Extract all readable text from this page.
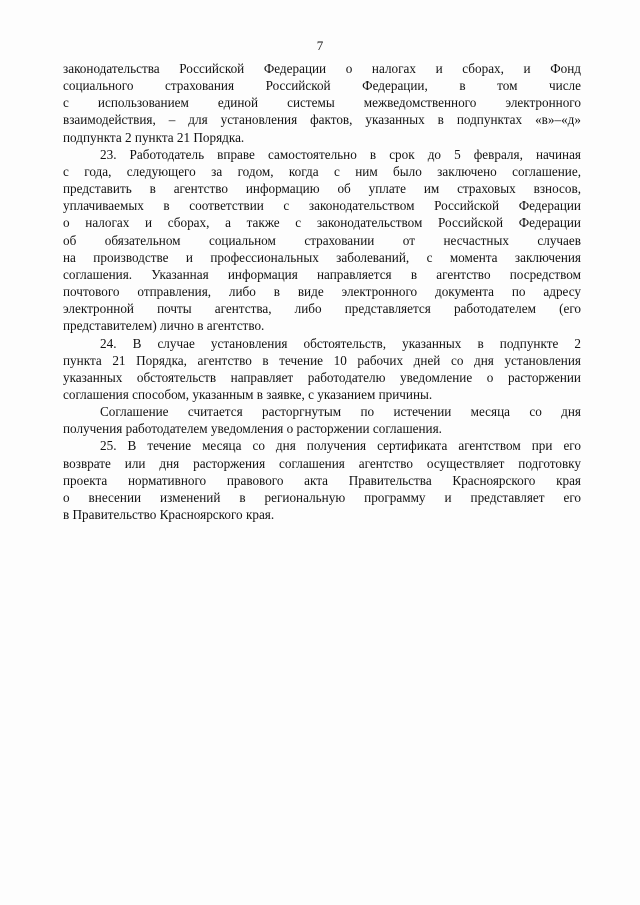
7

законодательства Российской Федерации о налогах и сборах, и Фонд
социального страхования Российской Федерации, в том числе
с использованием единой системы межведомственного электронного
взаимодействия, – для установления фактов, указанных в подпунктах «в»–«д»
подпункта 2 пункта 21 Порядка.

23. Работодатель вправе самостоятельно в срок до 5 февраля, начиная
с года, следующего за годом, когда с ним было заключено соглашение,
представить в агентство информацию об уплате им страховых взносов,
уплачиваемых в соответствии с законодательством Российской Федерации
о налогах и сборах, а также с законодательством Российской Федерации
об обязательном социальном страховании от несчастных случаев
на производстве и профессиональных заболеваний, с момента заключения
соглашения. Указанная информация направляется в агентство посредством
почтового отправления, либо в виде электронного документа по адресу
электронной почты агентства, либо представляется работодателем (его
представителем) лично в агентство.

24. В случае установления обстоятельств, указанных в подпункте 2
пункта 21 Порядка, агентство в течение 10 рабочих дней со дня установления
указанных обстоятельств направляет работодателю уведомление о расторжении
соглашения способом, указанным в заявке, с указанием причины.

Соглашение считается расторгнутым по истечении месяца со дня
получения работодателем уведомления о расторжении соглашения.

25. В течение месяца со дня получения сертификата агентством при его
возврате или дня расторжения соглашения агентство осуществляет подготовку
проекта нормативного правового акта Правительства Красноярского края
о внесении изменений в региональную программу и представляет его
в Правительство Красноярского края.
